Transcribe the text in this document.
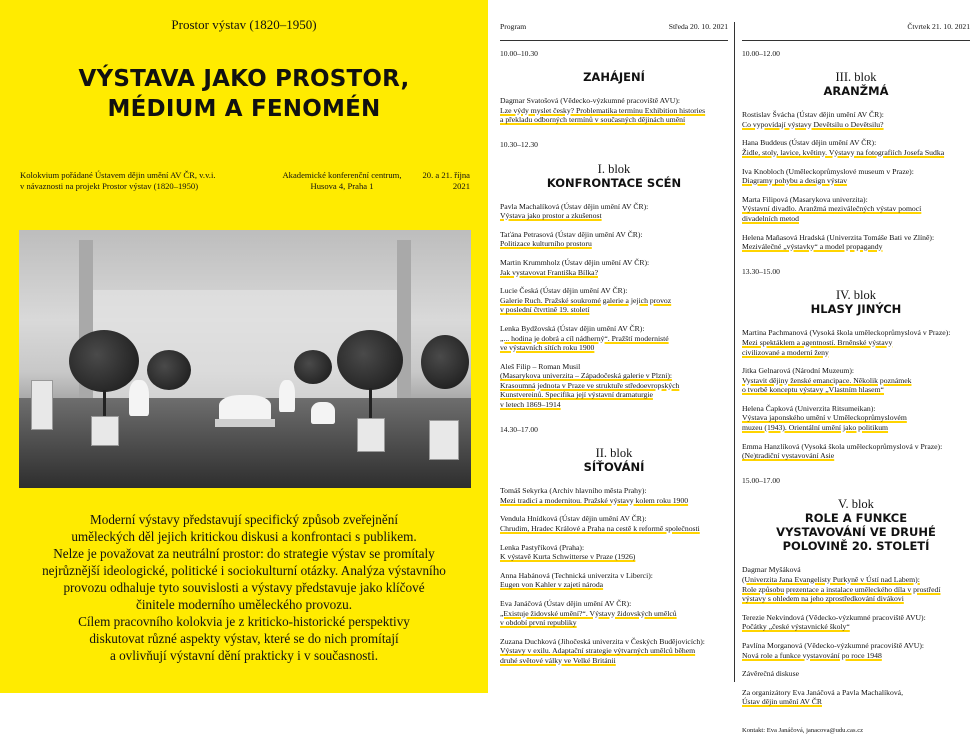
Prostor výstav (1820–1950)
VÝSTAVA JAKO PROSTOR,
MÉDIUM A FENOMÉN
Kolokvium pořádané Ústavem dějin umění AV ČR, v.v.i.
v návaznosti na projekt Prostor výstav (1820–1950)
Akademické konferenční centrum,
Husova 4, Praha 1
20. a 21. října
2021
Moderní výstavy představují specifický způsob zveřejnění
uměleckých děl jejich kritickou diskusi a konfrontaci s publikem.
Nelze je považovat za neutrální prostor: do strategie výstav se promítaly
nejrůznější ideologické, politické i sociokulturní otázky. Analýza výstavního
provozu odhaluje tyto souvislosti a výstavy představuje jako klíčové
činitele moderního uměleckého provozu.
Cílem pracovního kolokvia je z kriticko-historické perspektivy
diskutovat různé aspekty výstav, které se do nich promítají
a ovlivňují výstavní dění prakticky i v současnosti.
Program	Středa 20. 10. 2021
10.00–10.30
ZAHÁJENÍ
Dagmar Svatošová (Vědecko-výzkumné pracoviště AVU):
Lze výdy myslet česky? Problematika termínu Exhibition histories
a překladu odborných termínů v současných dějinách umění
10.30–12.30
I. blok
KONFRONTACE SCÉN
Pavla Machalíková (Ústav dějin umění AV ČR):
Výstava jako prostor a zkušenost
Taťána Petrasová (Ústav dějin umění AV ČR):
Politizace kulturního prostoru
Martin Krummholz (Ústav dějin umění AV ČR):
Jak vystavovat Františka Bílka?
Lucie Česká (Ústav dějin umění AV ČR):
Galerie Ruch. Pražské soukromé galerie a jejich provoz
v poslední čtvrtině 19. století
Lenka Bydžovská (Ústav dějin umění AV ČR):
„... hodina je dobrá a cíl nádherný“. Pražští modernisté
ve výstavních sítích roku 1900
Aleš Filip – Roman Musil
(Masarykova univerzita – Západočeská galerie v Plzni):
Krasoumná jednota v Praze ve struktuře středoevropských
Kunstvereinů. Specifika její výstavní dramaturgie
v letech 1869–1914
14.30–17.00
II. blok
SÍŤOVÁNÍ
Tomáš Sekyrka (Archiv hlavního města Prahy):
Mezi tradicí a modernitou. Pražské výstavy kolem roku 1900
Vendula Hnídková (Ústav dějin umění AV ČR):
Chrudim, Hradec Králové a Praha na cestě k reformě společnosti
Lenka Pastyříková (Praha):
K výstavě Kurta Schwitterse v Praze (1926)
Anna Habánová (Technická univerzita v Liberci):
Eugen von Kahler v zajetí národa
Eva Janáčová (Ústav dějin umění AV ČR):
„Existuje židovské umění?“. Výstavy židovských umělců
v období první republiky
Zuzana Duchková (Jihočeská univerzita v Českých Budějovicích):
Výstavy v exilu. Adaptační strategie výtvarných umělců během
druhé světové války ve Velké Británii
Čtvrtek 21. 10. 2021
10.00–12.00
III. blok
ARANŽMÁ
Rostislav Švácha (Ústav dějin umění AV ČR):
Co vypovídají výstavy Devětsilu o Devětsilu?
Hana Buddeus (Ústav dějin umění AV ČR):
Židle, stoly, lavice, květiny. Výstavy na fotografiích Josefa Sudka
Iva Knobloch (Uměleckoprůmyslové museum v Praze):
Diagramy pohybu a design výstav
Marta Filipová (Masarykova univerzita):
Výstavní divadlo. Aranžmá meziválečných výstav pomocí
divadelních metod
Helena Maňasová Hradská (Univerzita Tomáše Bati ve Zlíně):
Meziválečné „výstavky“ a model propagandy
13.30–15.00
IV. blok
HLASY JINÝCH
Martina Pachmanová (Vysoká škola uměleckoprůmyslová v Praze):
Mezi spektáklem a agentností. Brněnské výstavy
civilizované a moderní ženy
Jitka Gelnarová (Národní Muzeum):
Vystavit dějiny ženské emancipace. Několik poznámek
o tvorbě konceptu výstavy „Vlastním hlasem“
Helena Čapková (Univerzita Ritsumeikan):
Výstava japonského umění v Uměleckoprůmyslovém
muzeu (1943). Orientální umění jako politikum
Emma Hanzlíková (Vysoká škola uměleckoprůmyslová v Praze):
(Ne)tradiční vystavování Asie
15.00–17.00
V. blok
ROLE A FUNKCE
VYSTAVOVÁNÍ VE DRUHÉ
POLOVINĚ 20. STOLETÍ
Dagmar Myšáková
(Univerzita Jana Evangelisty Purkyně v Ústí nad Labem):
Role způsobu prezentace a instalace uměleckého díla v prostředí
výstavy s ohledem na jeho zprostředkování divákovi
Terezie Nekvindová (Vědecko-výzkumné pracoviště AVU):
Počátky „české výstavnické školy“
Pavlína Morganová (Vědecko-výzkumné pracoviště AVU):
Nová role a funkce vystavování po roce 1948
Závěrečná diskuse
Za organizátory Eva Janáčová a Pavla Machalíková,
Ústav dějin umění AV ČR
Kontakt: Eva Janáčová, janacova@udu.cas.cz
